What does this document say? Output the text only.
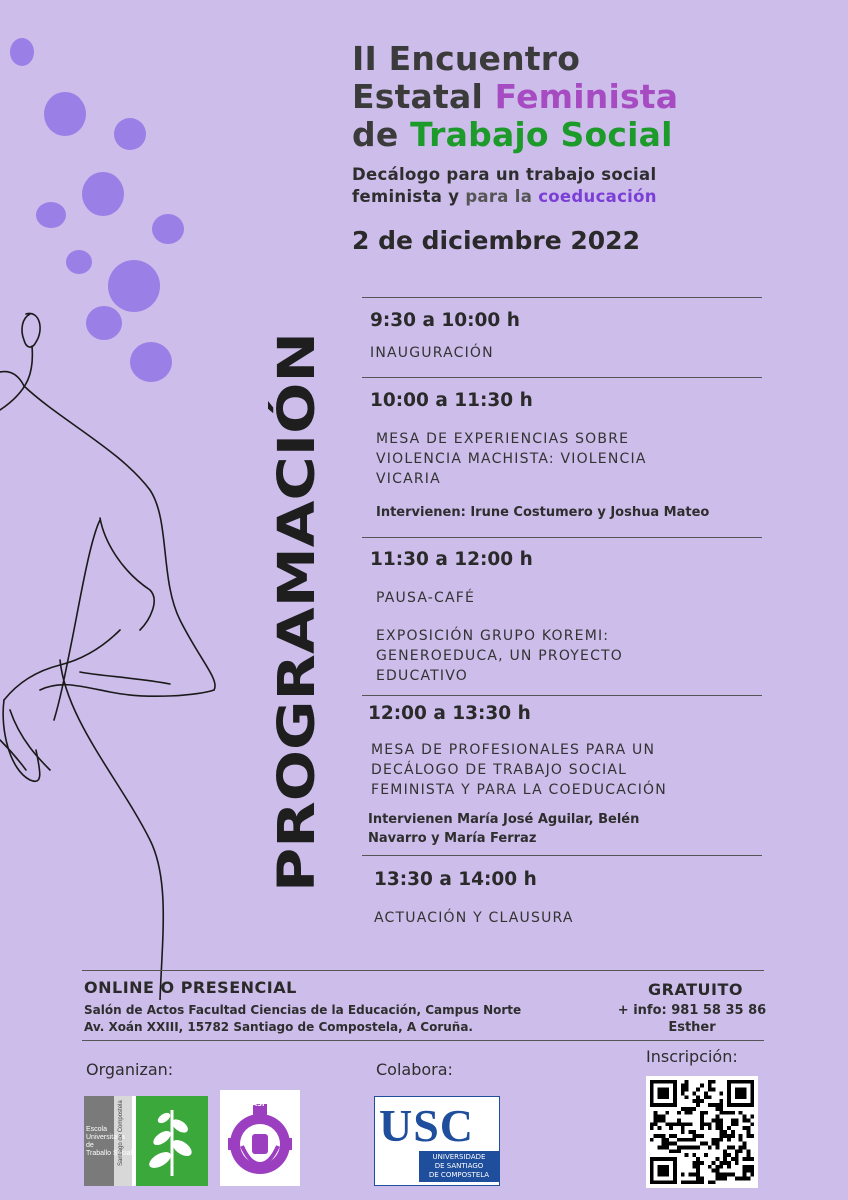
II Encuentro
Estatal Feminista
de Trabajo Social
Decálogo para un trabajo social
feminista y para la coeducación
2 de diciembre 2022
PROGRAMACIÓN
9:30 a 10:00 h
INAUGURACIÓN
10:00 a 11:30 h
MESA DE EXPERIENCIAS SOBRE
VIOLENCIA MACHISTA: VIOLENCIA
VICARIA
Intervienen: Irune Costumero y Joshua Mateo
11:30 a 12:00 h
PAUSA-CAFÉ
EXPOSICIÓN GRUPO KOREMI:
GENEROEDUCA, UN PROYECTO
EDUCATIVO
12:00 a 13:30 h
MESA DE PROFESIONALES PARA UN
DECÁLOGO DE TRABAJO SOCIAL
FEMINISTA Y PARA LA COEDUCACIÓN
Intervienen María José Aguilar, Belén
Navarro y María Ferraz
13:30 a 14:00 h
ACTUACIÓN Y CLAUSURA
ONLINE O PRESENCIAL
Salón de Actos Facultad Ciencias de la Educación, Campus Norte
Av. Xoán XXIII, 15782 Santiago de Compostela, A Coruña.
GRATUITO
+ info: 981 58 35 86
Esther
Organizan:	Colabora:
Inscripción:
Escola
Universitaria
de
Traballo Social
Santiago de Compostela	TRASFEM	USC
UNIVERSIDADE
DE SANTIAGO
DE COMPOSTELA
